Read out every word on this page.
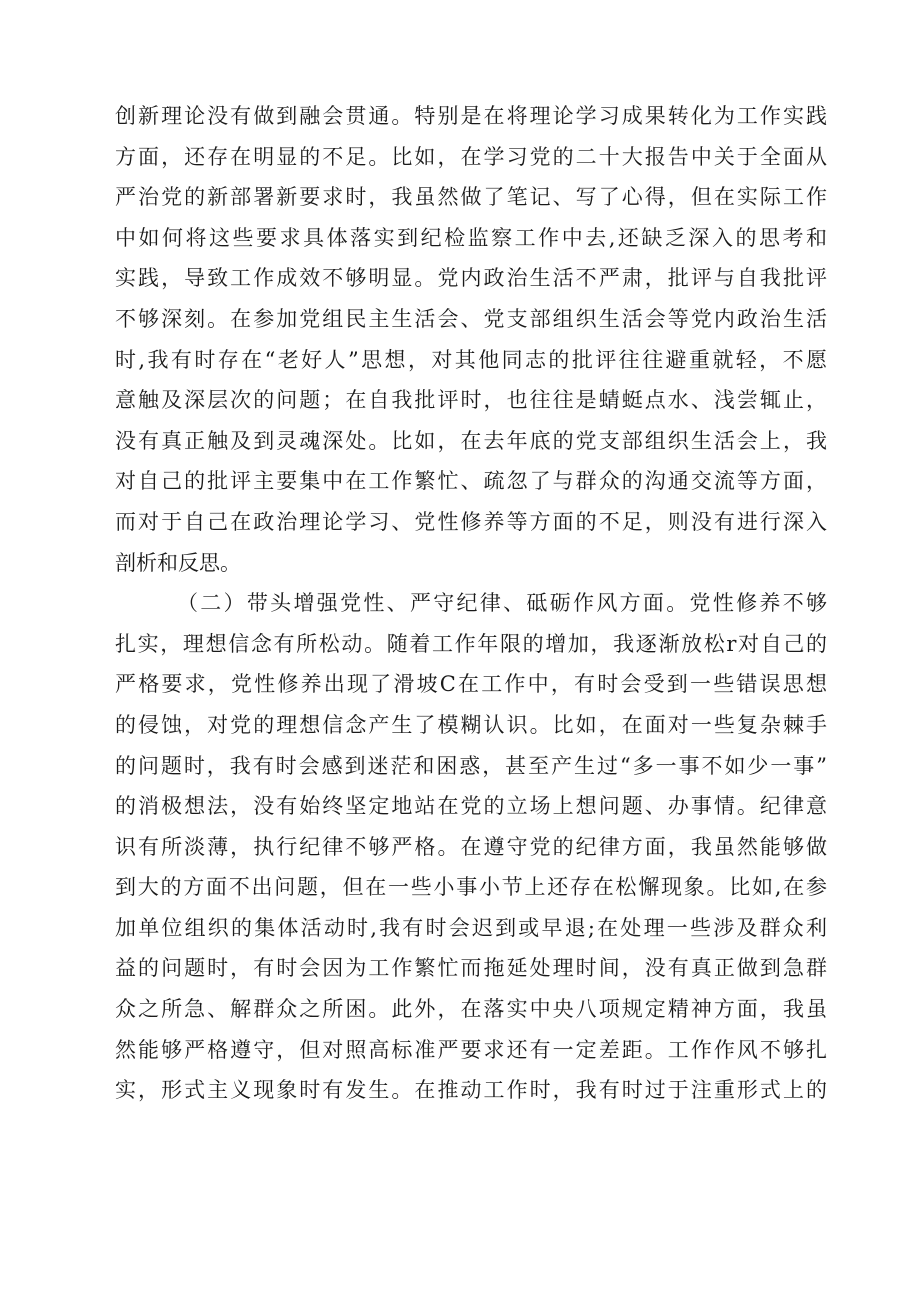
创新理论没有做到融会贯通。特别是在将理论学习成果转化为工作实践
方面，还存在明显的不足。比如，在学习党的二十大报告中关于全面从
严治党的新部署新要求时，我虽然做了笔记、写了心得，但在实际工作
中如何将这些要求具体落实到纪检监察工作中去,还缺乏深入的思考和
实践，导致工作成效不够明显。党内政治生活不严肃，批评与自我批评
不够深刻。在参加党组民主生活会、党支部组织生活会等党内政治生活
时,我有时存在“老好人”思想，对其他同志的批评往往避重就轻，不愿
意触及深层次的问题；在自我批评时，也往往是蜻蜓点水、浅尝辄止，
没有真正触及到灵魂深处。比如，在去年底的党支部组织生活会上，我
对自己的批评主要集中在工作繁忙、疏忽了与群众的沟通交流等方面，
而对于自己在政治理论学习、党性修养等方面的不足，则没有进行深入
剖析和反思。
（二）带头增强党性、严守纪律、砥砺作风方面。党性修养不够
扎实，理想信念有所松动。随着工作年限的增加，我逐渐放松r对自己的
严格要求，党性修养出现了滑坡C在工作中，有时会受到一些错误思想
的侵蚀，对党的理想信念产生了模糊认识。比如，在面对一些复杂棘手
的问题时，我有时会感到迷茫和困惑，甚至产生过“多一事不如少一事”
的消极想法，没有始终坚定地站在党的立场上想问题、办事情。纪律意
识有所淡薄，执行纪律不够严格。在遵守党的纪律方面，我虽然能够做
到大的方面不出问题，但在一些小事小节上还存在松懈现象。比如,在参
加单位组织的集体活动时,我有时会迟到或早退;在处理一些涉及群众利
益的问题时，有时会因为工作繁忙而拖延处理时间，没有真正做到急群
众之所急、解群众之所困。此外，在落实中央八项规定精神方面，我虽
然能够严格遵守，但对照高标准严要求还有一定差距。工作作风不够扎
实，形式主义现象时有发生。在推动工作时，我有时过于注重形式上的
